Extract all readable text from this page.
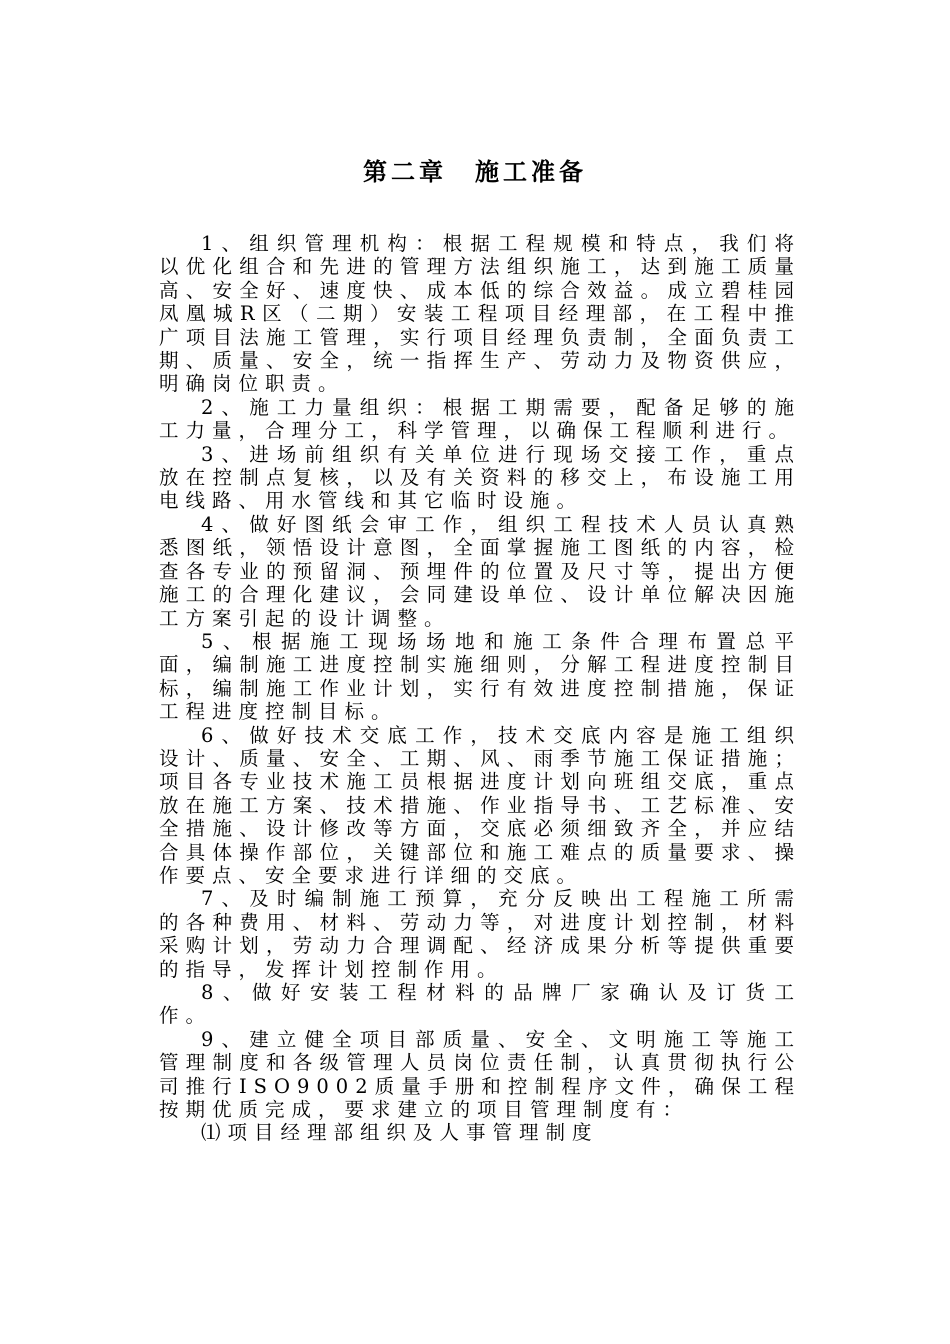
第二章　施工准备

1、组织管理机构：根据工程规模和特点，我们将以优化组合和先进的管理方法组织施工，达到施工质量高、安全好、速度快、成本低的综合效益。成立碧桂园凤凰城R区（二期）安装工程项目经理部，在工程中推广项目法施工管理，实行项目经理负责制，全面负责工期、质量、安全，统一指挥生产、劳动力及物资供应，明确岗位职责。

2、施工力量组织：根据工期需要，配备足够的施工力量，合理分工，科学管理，以确保工程顺利进行。

3、进场前组织有关单位进行现场交接工作，重点放在控制点复核，以及有关资料的移交上，布设施工用电线路、用水管线和其它临时设施。

4、做好图纸会审工作，组织工程技术人员认真熟悉图纸，领悟设计意图，全面掌握施工图纸的内容，检查各专业的预留洞、预埋件的位置及尺寸等，提出方便施工的合理化建议，会同建设单位、设计单位解决因施工方案引起的设计调整。

5、根据施工现场场地和施工条件合理布置总平面，编制施工进度控制实施细则，分解工程进度控制目标，编制施工作业计划，实行有效进度控制措施，保证工程进度控制目标。

6、做好技术交底工作，技术交底内容是施工组织设计、质量、安全、工期、风、雨季节施工保证措施；项目各专业技术施工员根据进度计划向班组交底，重点放在施工方案、技术措施、作业指导书、工艺标准、安全措施、设计修改等方面，交底必须细致齐全，并应结合具体操作部位，关键部位和施工难点的质量要求、操作要点、安全要求进行详细的交底。

7、及时编制施工预算，充分反映出工程施工所需的各种费用、材料、劳动力等，对进度计划控制，材料采购计划，劳动力合理调配、经济成果分析等提供重要的指导，发挥计划控制作用。

8、做好安装工程材料的品牌厂家确认及订货工作。

9、建立健全项目部质量、安全、文明施工等施工管理制度和各级管理人员岗位责任制，认真贯彻执行公司推行ISO9002质量手册和控制程序文件，确保工程按期优质完成，要求建立的项目管理制度有：

⑴项目经理部组织及人事管理制度
